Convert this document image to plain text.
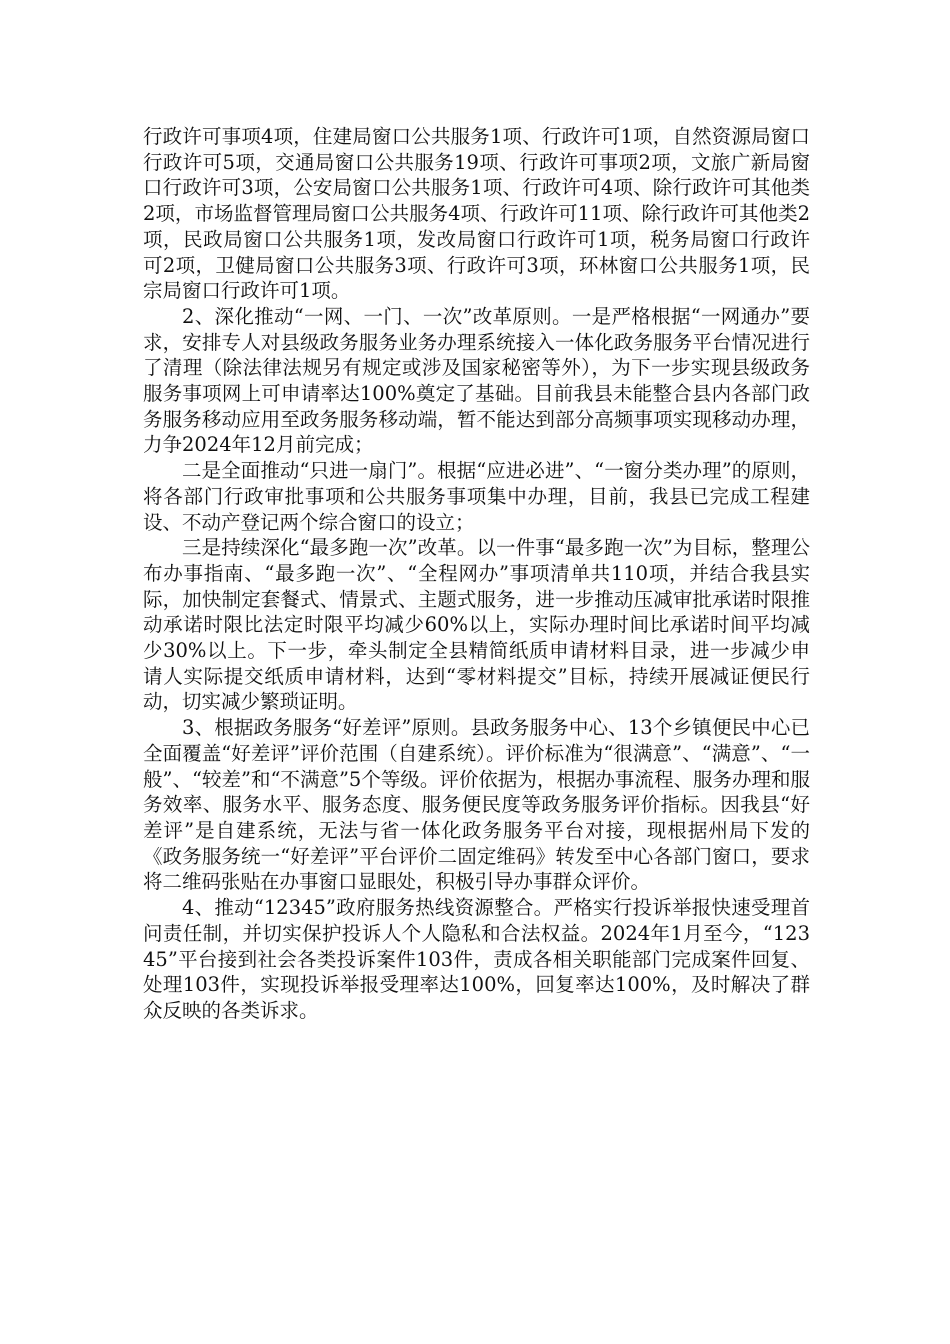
行政许可事项4项，住建局窗口公共服务1项、行政许可1项，自然资源局窗口行政许可5项，交通局窗口公共服务19项、行政许可事项2项，文旅广新局窗口行政许可3项，公安局窗口公共服务1项、行政许可4项、除行政许可其他类2项，市场监督管理局窗口公共服务4项、行政许可11项、除行政许可其他类2项，民政局窗口公共服务1项，发改局窗口行政许可1项，税务局窗口行政许可2项，卫健局窗口公共服务3项、行政许可3项，环林窗口公共服务1项，民宗局窗口行政许可1项。

2、深化推动“一网、一门、一次”改革原则。一是严格根据“一网通办”要求，安排专人对县级政务服务业务办理系统接入一体化政务服务平台情况进行了清理（除法律法规另有规定或涉及国家秘密等外），为下一步实现县级政务服务事项网上可申请率达100%奠定了基础。目前我县未能整合县内各部门政务服务移动应用至政务服务移动端，暂不能达到部分高频事项实现移动办理，力争2024年12月前完成；

二是全面推动“只进一扇门”。根据“应进必进”、“一窗分类办理”的原则，将各部门行政审批事项和公共服务事项集中办理，目前，我县已完成工程建设、不动产登记两个综合窗口的设立；

三是持续深化“最多跑一次”改革。以一件事“最多跑一次”为目标，整理公布办事指南、“最多跑一次”、“全程网办”事项清单共110项，并结合我县实际，加快制定套餐式、情景式、主题式服务，进一步推动压减审批承诺时限推动承诺时限比法定时限平均减少60%以上，实际办理时间比承诺时间平均减少30%以上。下一步，牵头制定全县精简纸质申请材料目录，进一步减少申请人实际提交纸质申请材料，达到“零材料提交”目标，持续开展减证便民行动，切实减少繁琐证明。

3、根据政务服务“好差评”原则。县政务服务中心、13个乡镇便民中心已全面覆盖“好差评”评价范围（自建系统）。评价标准为“很满意”、“满意”、“一般”、“较差”和“不满意”5个等级。评价依据为，根据办事流程、服务办理和服务效率、服务水平、服务态度、服务便民度等政务服务评价指标。因我县“好差评”是自建系统，无法与省一体化政务服务平台对接，现根据州局下发的《政务服务统一“好差评”平台评价二固定维码》转发至中心各部门窗口，要求将二维码张贴在办事窗口显眼处，积极引导办事群众评价。

4、推动“12345”政府服务热线资源整合。严格实行投诉举报快速受理首问责任制，并切实保护投诉人个人隐私和合法权益。2024年1月至今，“12345”平台接到社会各类投诉案件103件，责成各相关职能部门完成案件回复、处理103件，实现投诉举报受理率达100%，回复率达100%，及时解决了群众反映的各类诉求。
